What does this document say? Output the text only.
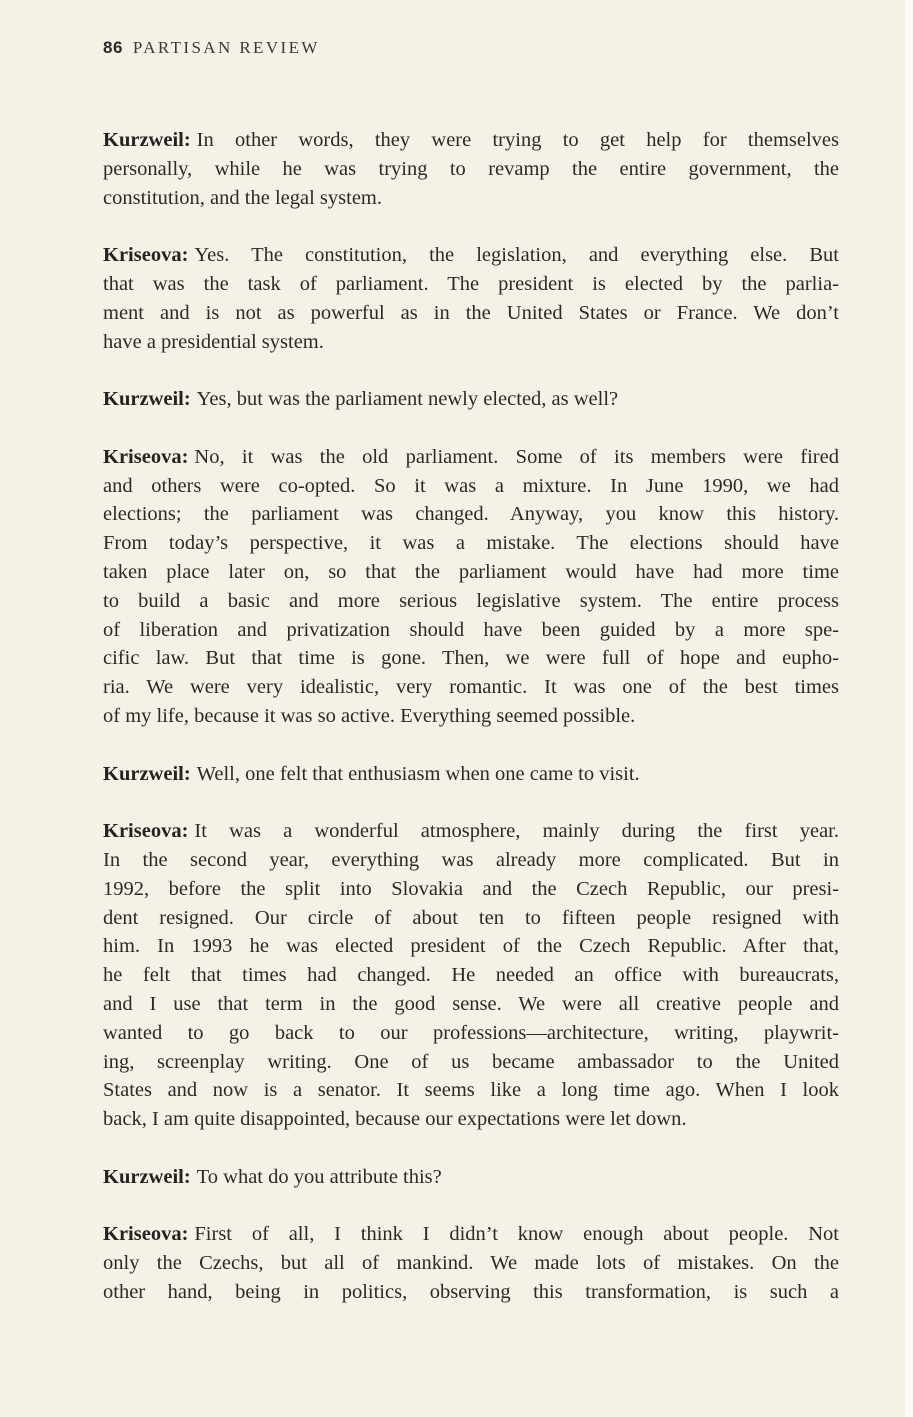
86 PARTISAN REVIEW

Kurzweil: In other words, they were trying to get help for themselves
personally, while he was trying to revamp the entire government, the
constitution, and the legal system.

Kriseova: Yes. The constitution, the legislation, and everything else. But
that was the task of parliament. The president is elected by the parlia-
ment and is not as powerful as in the United States or France. We don’t
have a presidential system.

Kurzweil: Yes, but was the parliament newly elected, as well?

Kriseova: No, it was the old parliament. Some of its members were fired
and others were co-opted. So it was a mixture. In June 1990, we had
elections; the parliament was changed. Anyway, you know this history.
From today’s perspective, it was a mistake. The elections should have
taken place later on, so that the parliament would have had more time
to build a basic and more serious legislative system. The entire process
of liberation and privatization should have been guided by a more spe-
cific law. But that time is gone. Then, we were full of hope and eupho-
ria. We were very idealistic, very romantic. It was one of the best times
of my life, because it was so active. Everything seemed possible.

Kurzweil: Well, one felt that enthusiasm when one came to visit.

Kriseova: It was a wonderful atmosphere, mainly during the first year.
In the second year, everything was already more complicated. But in
1992, before the split into Slovakia and the Czech Republic, our presi-
dent resigned. Our circle of about ten to fifteen people resigned with
him. In 1993 he was elected president of the Czech Republic. After that,
he felt that times had changed. He needed an office with bureaucrats,
and I use that term in the good sense. We were all creative people and
wanted to go back to our professions—architecture, writing, playwrit-
ing, screenplay writing. One of us became ambassador to the United
States and now is a senator. It seems like a long time ago. When I look
back, I am quite disappointed, because our expectations were let down.

Kurzweil: To what do you attribute this?

Kriseova: First of all, I think I didn’t know enough about people. Not
only the Czechs, but all of mankind. We made lots of mistakes. On the
other hand, being in politics, observing this transformation, is such a
